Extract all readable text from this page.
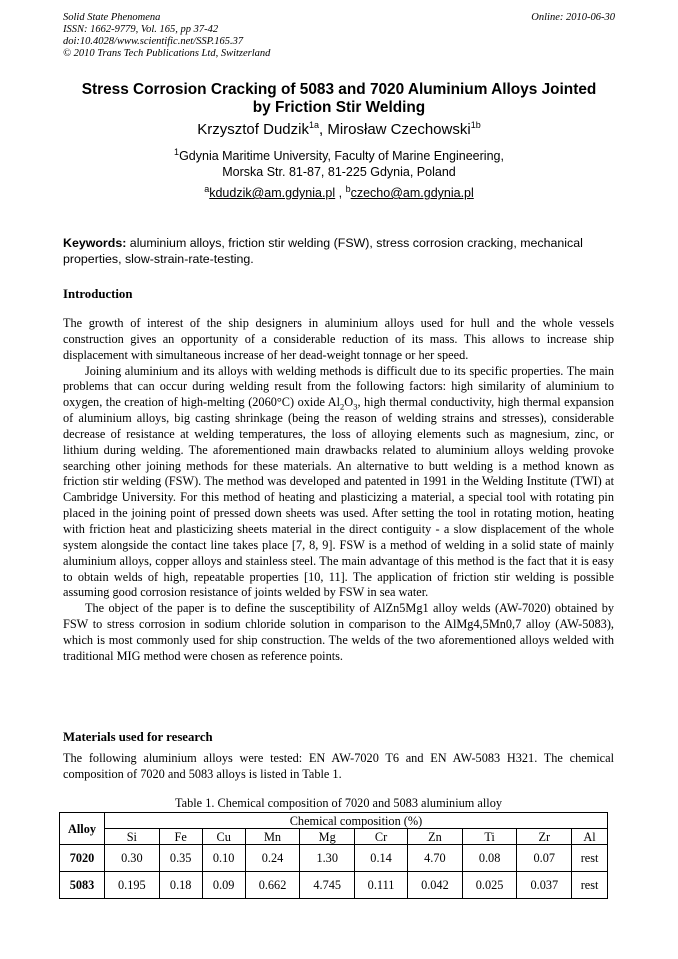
Solid State Phenomena
ISSN: 1662-9779, Vol. 165, pp 37-42
doi:10.4028/www.scientific.net/SSP.165.37
© 2010 Trans Tech Publications Ltd, Switzerland
Online: 2010-06-30
Stress Corrosion Cracking of 5083 and 7020 Aluminium Alloys Jointed
by Friction Stir Welding
Krzysztof Dudzik$^{1a}$, Mirosław Czechowski$^{1b}$
$^1$Gdynia Maritime University, Faculty of Marine Engineering,
Morska Str. 81-87, 81-225 Gdynia, Poland
$^a$kdudzik@am.gdynia.pl , $^b$czecho@am.gdynia.pl
Keywords: aluminium alloys, friction stir welding (FSW), stress corrosion cracking, mechanical properties, slow-strain-rate-testing.
Introduction

The growth of interest of the ship designers in aluminium alloys used for hull and the whole vessels construction gives an opportunity of a considerable reduction of its mass. This allows to increase ship displacement with simultaneous increase of her dead-weight tonnage or her speed.

Joining aluminium and its alloys with welding methods is difficult due to its specific properties. The main problems that can occur during welding result from the following factors: high similarity of aluminium to oxygen, the creation of high-melting (2060°C) oxide $Al_2O_3$, high thermal conductivity, high thermal expansion of aluminium alloys, big casting shrinkage (being the reason of welding strains and stresses), considerable decrease of resistance at welding temperatures, the loss of alloying elements such as magnesium, zinc, or lithium during welding. The aforementioned main drawbacks related to aluminium alloys welding provoke searching other joining methods for these materials. An alternative to butt welding is a method known as friction stir welding (FSW). The method was developed and patented in 1991 in the Welding Institute (TWI) at Cambridge University. For this method of heating and plasticizing a material, a special tool with rotating pin placed in the joining point of pressed down sheets was used. After setting the tool in rotating motion, heating with friction heat and plasticizing sheets material in the direct contiguity - a slow displacement of the whole system alongside the contact line takes place [7, 8, 9]. FSW is a method of welding in a solid state of mainly aluminium alloys, copper alloys and stainless steel. The main advantage of this method is the fact that it is easy to obtain welds of high, repeatable properties [10, 11]. The application of friction stir welding is possible assuming good corrosion resistance of joints welded by FSW in sea water.

The object of the paper is to define the susceptibility of AlZn5Mg1 alloy welds (AW-7020) obtained by FSW to stress corrosion in sodium chloride solution in comparison to the AlMg4,5Mn0,7 alloy (AW-5083), which is most commonly used for ship construction. The welds of the two aforementioned alloys welded with traditional MIG method were chosen as reference points.

Materials used for research

The following aluminium alloys were tested: EN AW-7020 T6 and EN AW-5083 H321. The chemical composition of 7020 and 5083 alloys is listed in Table 1.

Table 1. Chemical composition of 7020 and 5083 aluminium alloy
Alloy	Chemical composition (%)									
	Si	Fe	Cu	Mn	Mg	Cr	Zn	Ti	Zr	Al
7020	0.30	0.35	0.10	0.24	1.30	0.14	4.70	0.08	0.07	rest
5083	0.195	0.18	0.09	0.662	4.745	0.111	0.042	0.025	0.037	rest
